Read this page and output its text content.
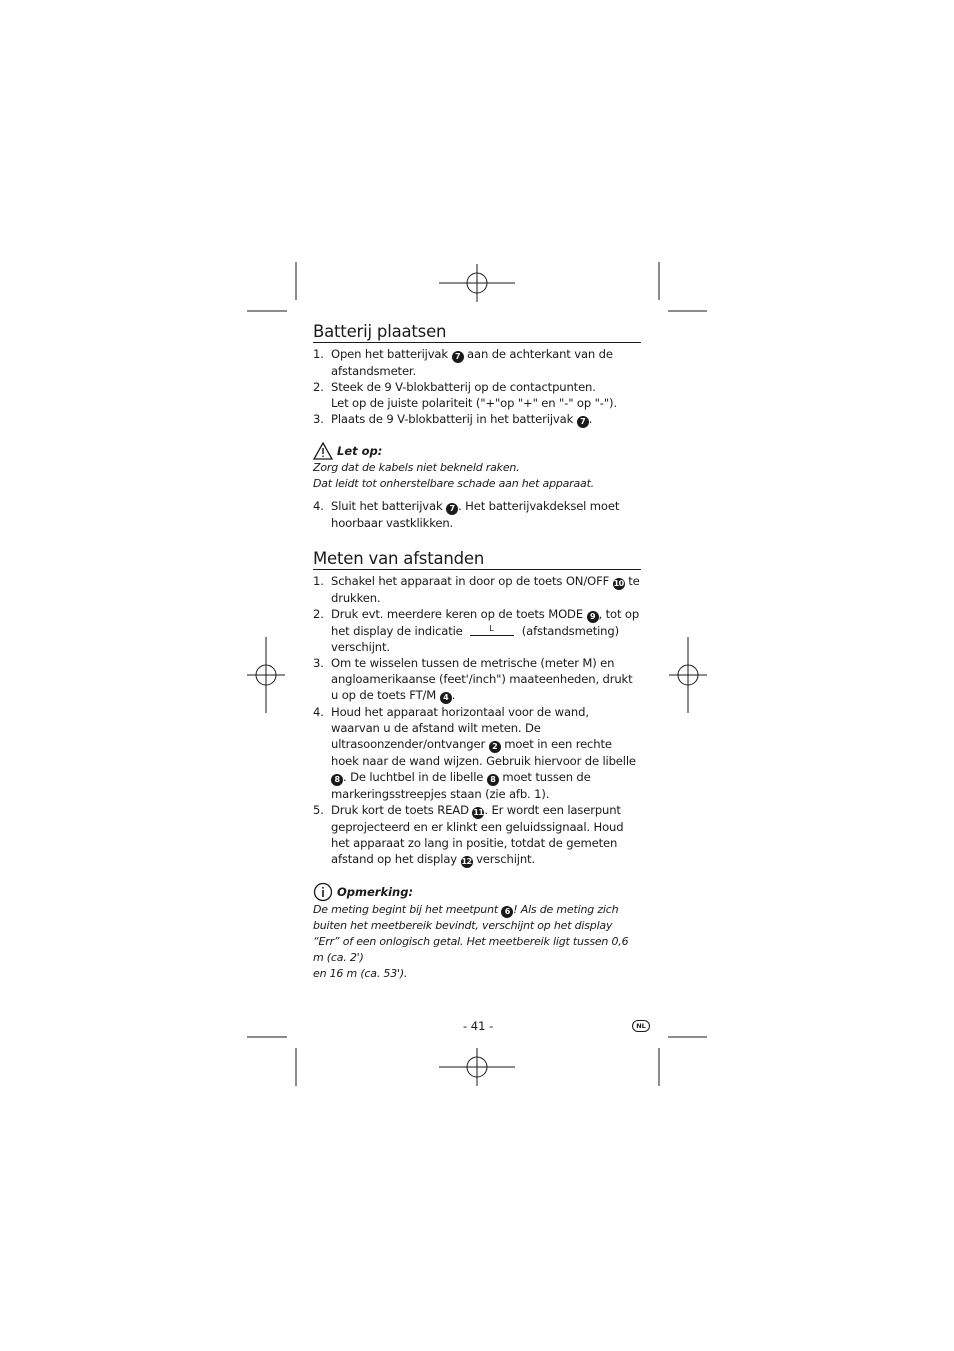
Batterij plaatsen
1. Open het batterijvak 7 aan de achterkant van de afstandsmeter.
2. Steek de 9 V-blokbatterij op de contactpunten.
Let op de juiste polariteit ("+"op "+" en "-" op "-").
3. Plaats de 9 V-blokbatterij in het batterijvak 7 .
Let op:
Zorg dat de kabels niet bekneld raken.
Dat leidt tot onherstelbare schade aan het apparaat.
4. Sluit het batterijvak 7 . Het batterijvakdeksel moet hoorbaar vastklikken.
Meten van afstanden
1. Schakel het apparaat in door op de toets ON/OFF 10 te drukken.
2. Druk evt. meerdere keren op de toets MODE 9 , tot op het display de indicatie	L (afstandsmeting) verschijnt.
3. Om te wisselen tussen de metrische (meter M) en angloamerikaanse (feet'/inch") maateenheden, drukt u op de toets FT/M 4 .
4. Houd het apparaat horizontaal voor de wand, waarvan u de afstand wilt meten. De ultrasoonzender/ontvanger 2 moet in een rechte hoek naar de wand wijzen. Gebruik hiervoor de libelle 8 . De luchtbel in de libelle 8 moet tussen de markeringsstreepjes staan (zie afb. 1).
5. Druk kort de toets READ 11. Er wordt een laserpunt geprojecteerd en er klinkt een geluidssignaal. Houd het apparaat zo lang in positie, totdat de gemeten afstand op het display 12 verschijnt.
Opmerking:
De meting begint bij het meetpunt 6 ! Als de meting zich buiten het meetbereik bevindt, verschijnt op het display “Err” of een onlogisch getal. Het meetbereik ligt tussen 0,6 m (ca. 2')
en 16 m (ca. 53').
- 41 -	NL
